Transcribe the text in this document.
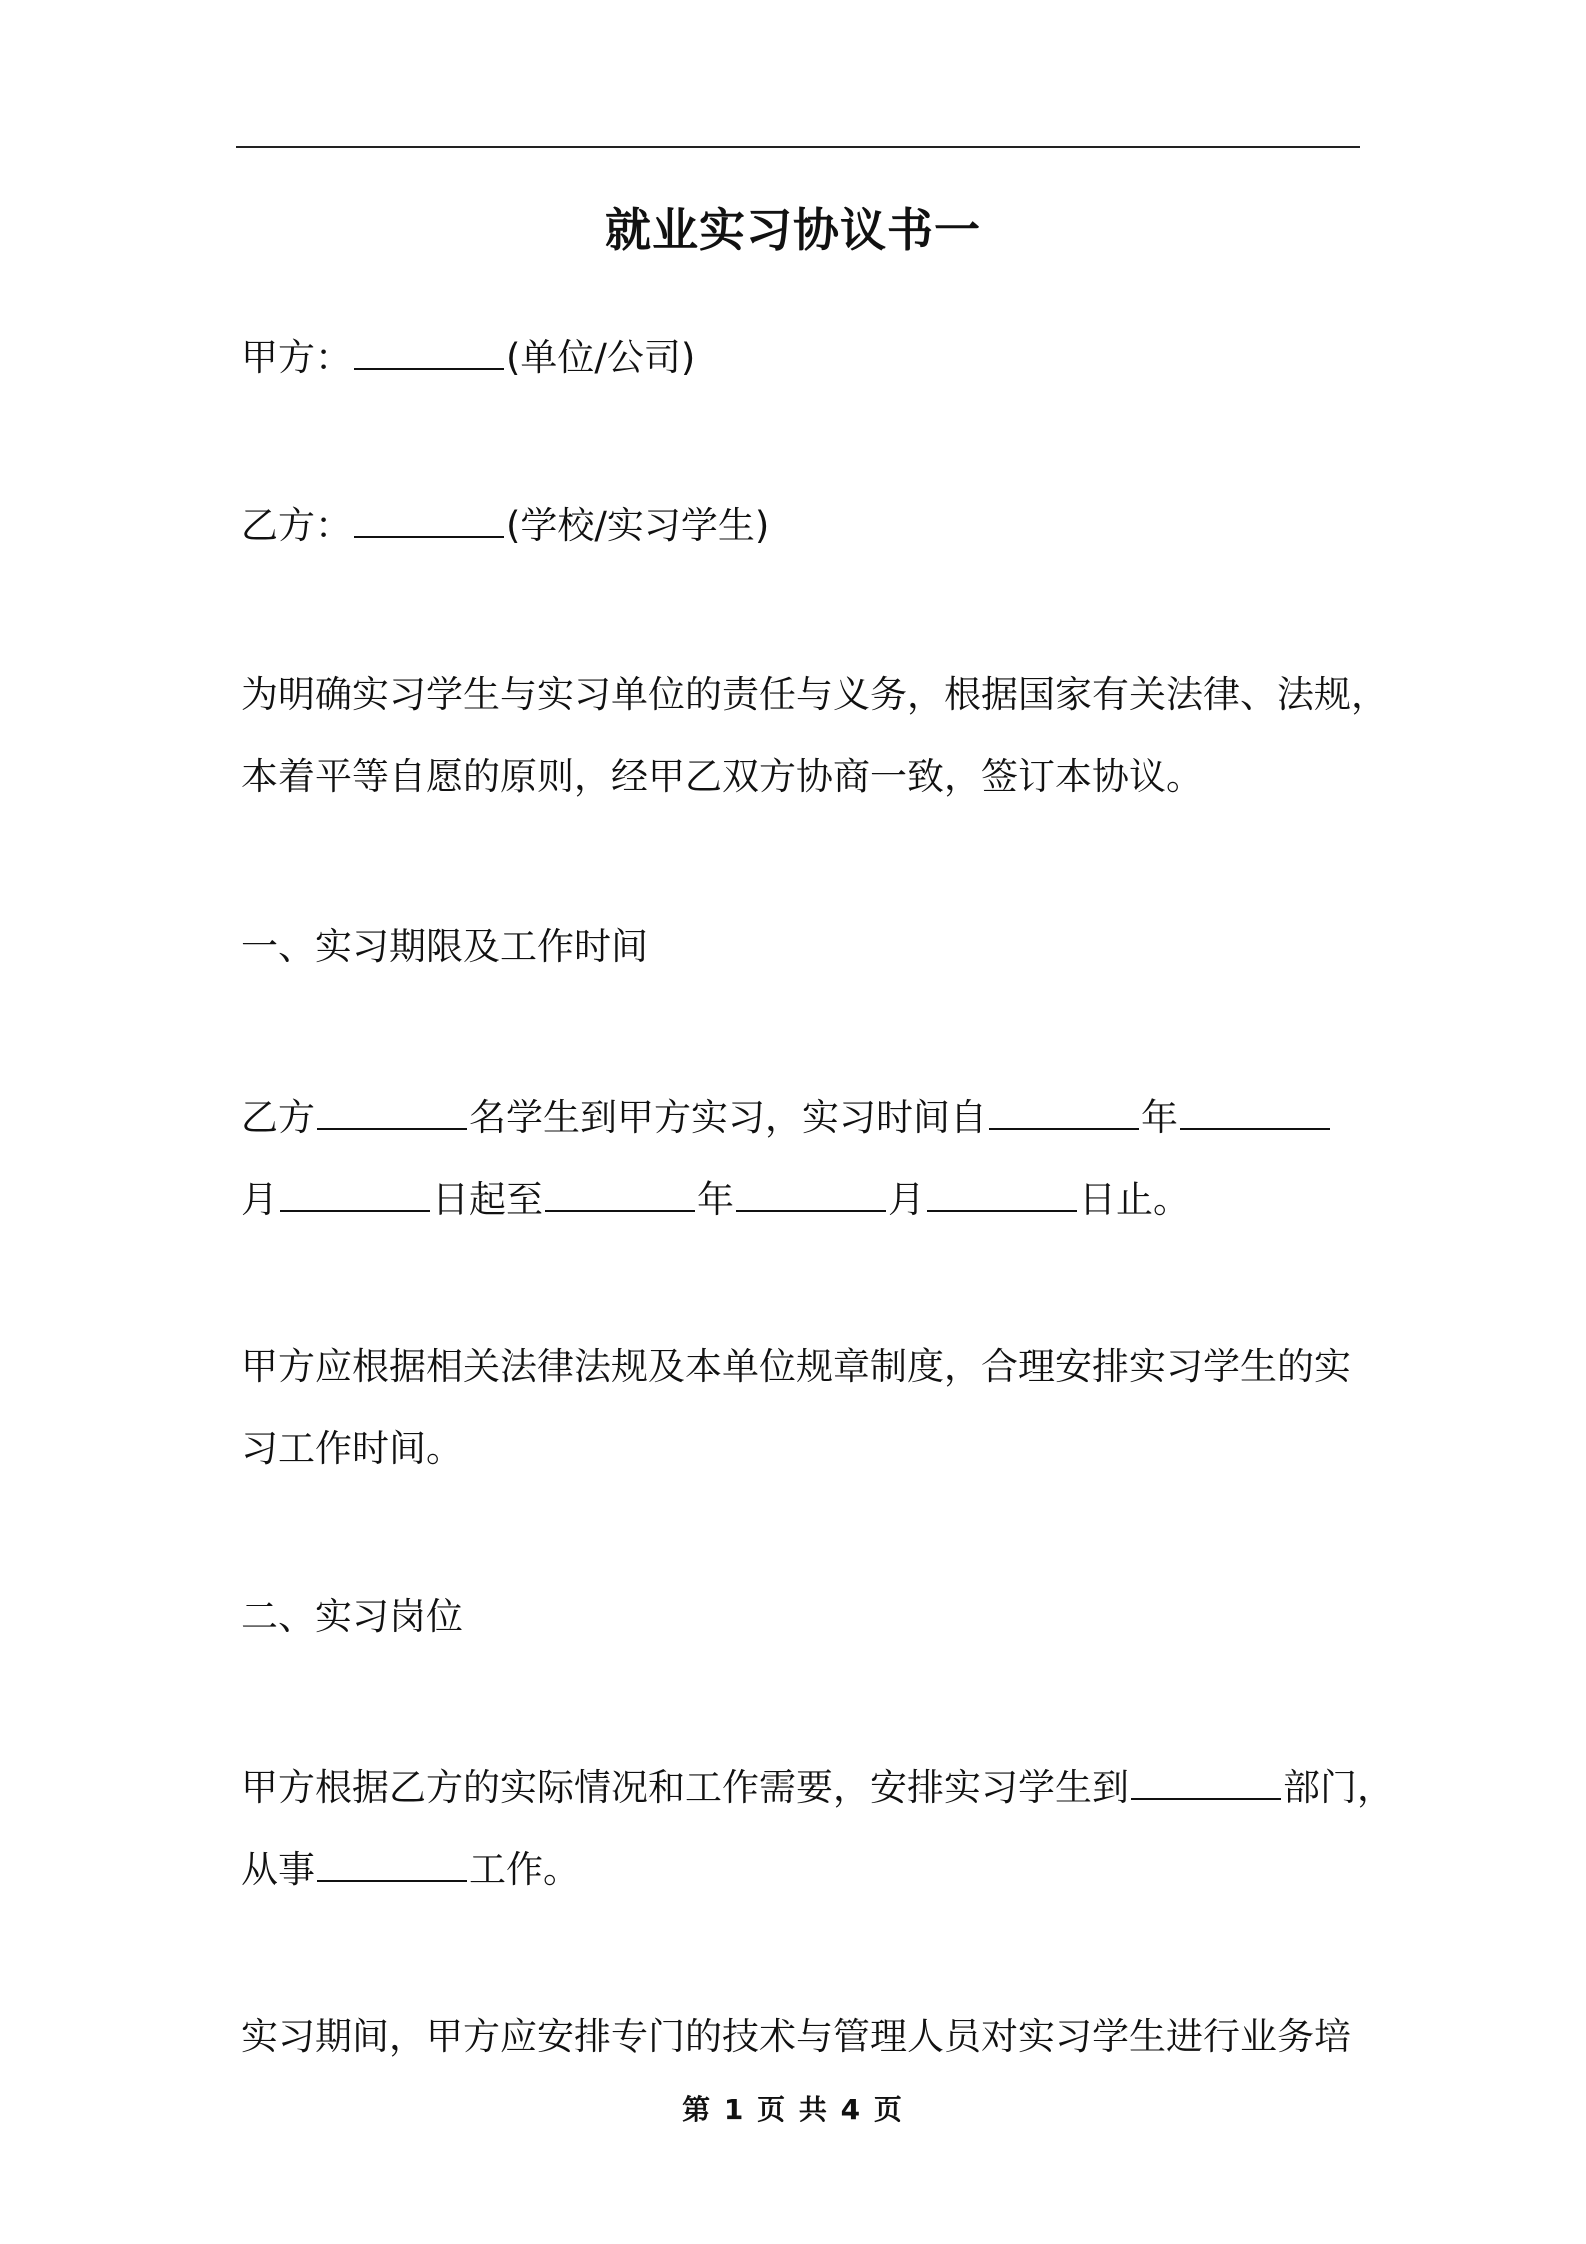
就业实习协议书一
甲方：	(单位/公司)
乙方：	(学校/实习学生)
为明确实习学生与实习单位的责任与义务，根据国家有关法律、法规，
本着平等自愿的原则，经甲乙双方协商一致，签订本协议。
一、实习期限及工作时间
乙方	名学生到甲方实习，实习时间自	年
月	日起至	年	月	日止。
甲方应根据相关法律法规及本单位规章制度，合理安排实习学生的实
习工作时间。
二、实习岗位
甲方根据乙方的实际情况和工作需要，安排实习学生到	部门，
从事	工作。
实习期间，甲方应安排专门的技术与管理人员对实习学生进行业务培
第 1 页 共 4 页
